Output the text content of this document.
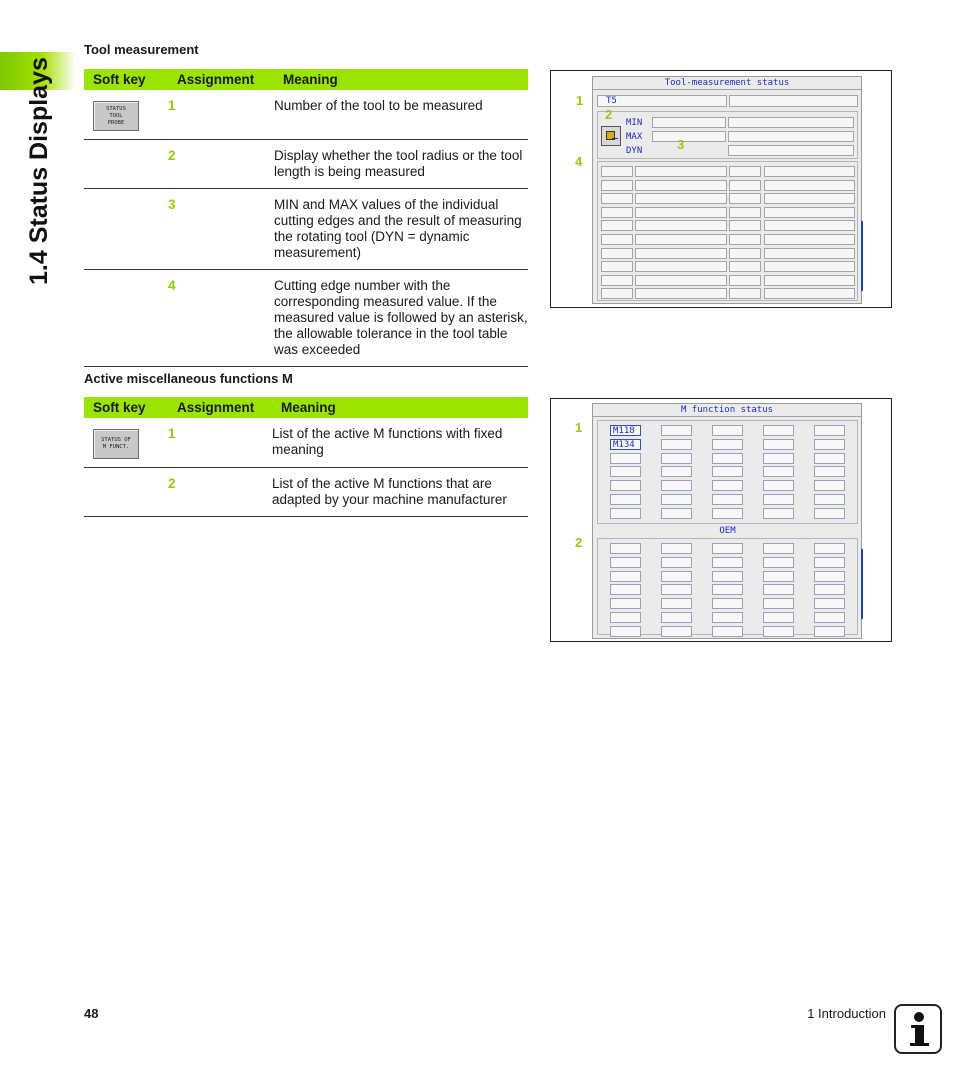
1.4 Status Displays
Tool measurement
Soft key	Assignment	Meaning

STATUS
TOOL
PROBE	1	Number of the tool to be measured
	2	Display whether the tool radius or the tool length is being measured
	3	MIN and MAX values of the individual cutting edges and the result of measuring the rotating tool (DYN = dynamic measurement)
	4	Cutting edge number with the corresponding measured value. If the measured value is followed by an asterisk, the allowable tolerance in the tool table was exceeded
Tool-measurement status
T5
MIN
MAX
DYN
1
2
3
4
Active miscellaneous functions M
Soft key	Assignment	Meaning

STATUS OF
M FUNCT.	1	List of the active M functions with fixed meaning
	2	List of the active M functions that are adapted by your machine manufacturer
M function status
M118
M134
OEM
1
2
48	1 Introduction
